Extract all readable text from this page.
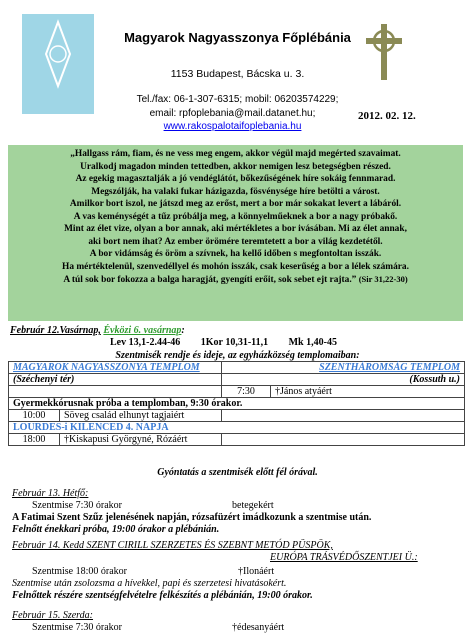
Magyarok Nagyasszonya Főplébánia
1153 Budapest, Bácska u. 3.
Tel./fax: 06-1-307-6315; mobil: 06203574229;
email: rpfoplebania@mail.datanet.hu;
www.rakospalotaifoplebania.hu
2012. 02. 12.
„Hallgass rám, fiam, és ne vess meg engem, akkor végül majd megérted szavaimat.
Uralkodj magadon minden tettedben, akkor nemigen lesz betegségben részed.
Az egekig magasztalják a jó vendéglátót, bőkezűségének híre sokáig fennmarad.
Megszólják, ha valaki fukar házigazda, fösvénysége híre betölti a várost.
Amilkor bort iszol, ne játszd meg az erőst, mert a bor már sokakat levert a lábáról.
A vas keménységét a tűz próbálja meg, a könnyelműeknek a bor a nagy próbakő.
Mint az élet vize, olyan a bor annak, aki mértékletes a bor ivásában. Mi az élet annak,
aki bort nem ihat? Az ember örömére teremtetett a bor a világ kezdetétől.
A bor vidámság és öröm a szívnek, ha kellő időben s megfontoltan isszák.
Ha mértéktelenül, szenvedéllyel és mohón isszák, csak keserűség a bor a lélek számára.
A túl sok bor fokozza a balga haragját, gyengíti erőit, sok sebet ejt rajta.” (Sir 31,22-30)
Február 12.Vasárnap, Évközi 6. vasárnap:
Lev 13,1-2.44-46 1Kor 10,31-11,1 Mk 1,40-45
Szentmisék rendje és ideje, az egyházközség templomaiban:
MAGYAROK NAGYASSZONYA TEMPLOM		SZENTHÁROMSÁG TEMPLOM	
(Széchenyi tér)		(Kossuth u.)	
		7:30	†János atyáért
Gyermekkórusnak próba a templomban, 9:30 órakor.			
10:00	Söveg család elhunyt tagjaiért		
LOURDES-i KILENCED 4. NAPJA			
18:00	†Kiskapusi Györgyné, Rózáért		
Gyóntatás a szentmisék előtt fél órával.
Február 13. Hétfő:
Szentmise 7:30 órakor	betegekért
A Fatimai Szent Szűz jelenésének napján, rózsafüzért imádkozunk a szentmise után.
Felnőtt énekkari próba, 19:00 órakor a plébánián.
Február 14. Kedd SZENT CIRILL SZERZETES ÉS SZEBNT METÓD PÜSPÖK,
EURÓPA TRÁSVÉDŐSZENTJEI Ü.:
Szentmise 18:00 órakor	†Ilonáért
Szentmise után zsolozsma a hívekkel, papi és szerzetesi hivatásokért.
Felnőttek részére szentségfelvételre felkészítés a plébánián, 19:00 órakor.
Február 15. Szerda:
Szentmise 7:30 órakor	†édesanyáért
